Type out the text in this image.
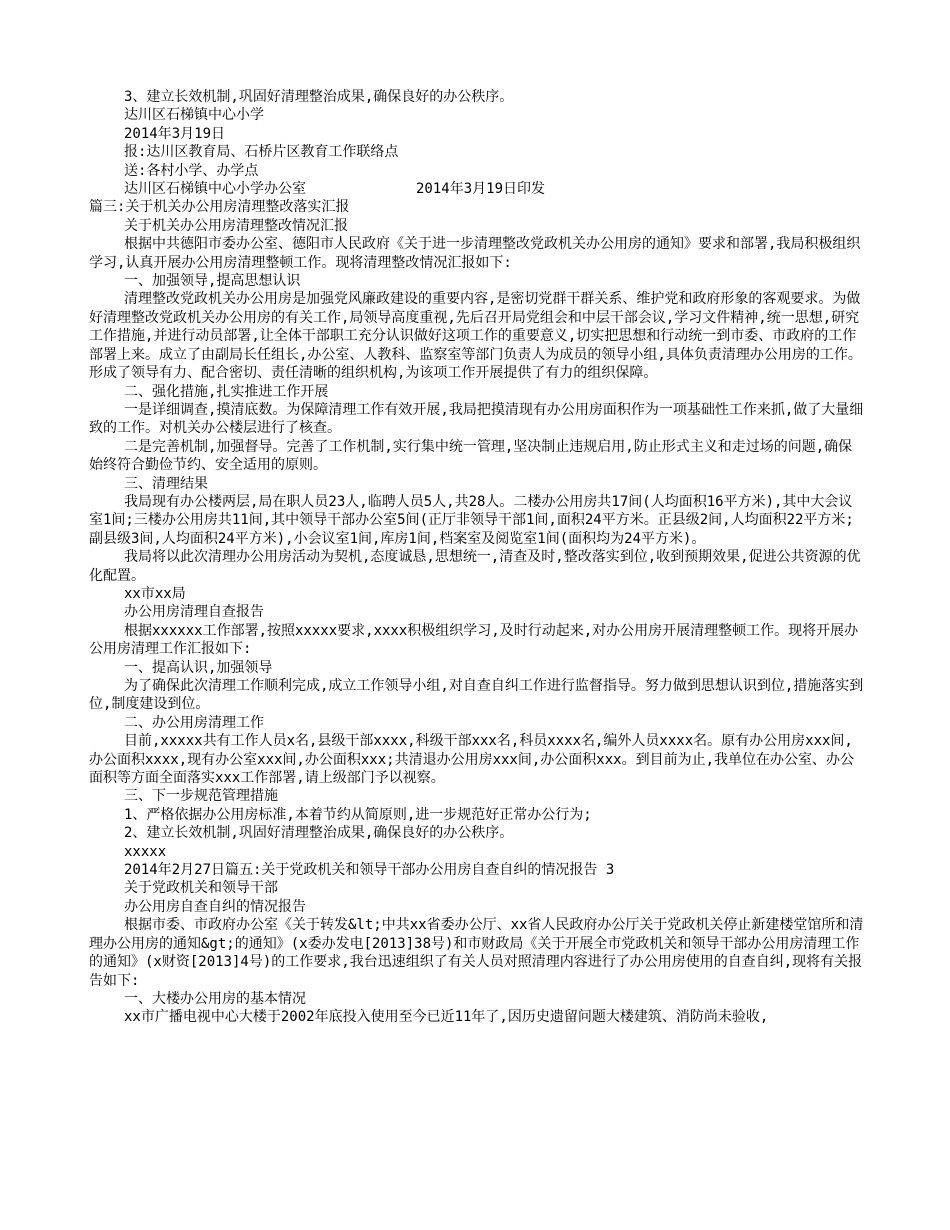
3、建立长效机制,巩固好清理整治成果,确保良好的办公秩序。

达川区石梯镇中心小学

2014年3月19日

报:达川区教育局、石桥片区教育工作联络点

送:各村小学、办学点

达川区石梯镇中心小学办公室	2014年3月19日印发

篇三:关于机关办公用房清理整改落实汇报

关于机关办公用房清理整改情况汇报

根据中共德阳市委办公室、德阳市人民政府《关于进一步清理整改党政机关办公用房的通知》要求和部署,我局积极组织学习,认真开展办公用房清理整顿工作。现将清理整改情况汇报如下:

一、加强领导,提高思想认识

清理整改党政机关办公用房是加强党风廉政建设的重要内容,是密切党群干群关系、维护党和政府形象的客观要求。为做好清理整改党政机关办公用房的有关工作,局领导高度重视,先后召开局党组会和中层干部会议,学习文件精神,统一思想,研究工作措施,并进行动员部署,让全体干部职工充分认识做好这项工作的重要意义,切实把思想和行动统一到市委、市政府的工作部署上来。成立了由副局长任组长,办公室、人教科、监察室等部门负责人为成员的领导小组,具体负责清理办公用房的工作。形成了领导有力、配合密切、责任清晰的组织机构,为该项工作开展提供了有力的组织保障。

二、强化措施,扎实推进工作开展

一是详细调查,摸清底数。为保障清理工作有效开展,我局把摸清现有办公用房面积作为一项基础性工作来抓,做了大量细致的工作。对机关办公楼层进行了核查。

二是完善机制,加强督导。完善了工作机制,实行集中统一管理,坚决制止违规启用,防止形式主义和走过场的问题,确保始终符合勤俭节约、安全适用的原则。

三、清理结果

我局现有办公楼两层,局在职人员23人,临聘人员5人,共28人。二楼办公用房共17间(人均面积16平方米),其中大会议室1间;三楼办公用房共11间,其中领导干部办公室5间(正厅非领导干部1间,面积24平方米。正县级2间,人均面积22平方米;副县级3间,人均面积24平方米),小会议室1间,库房1间,档案室及阅览室1间(面积均为24平方米)。

我局将以此次清理办公用房活动为契机,态度诚恳,思想统一,清查及时,整改落实到位,收到预期效果,促进公共资源的优化配置。

xx市xx局

办公用房清理自查报告

根据xxxxxx工作部署,按照xxxxx要求,xxxx积极组织学习,及时行动起来,对办公用房开展清理整顿工作。现将开展办公用房清理工作汇报如下:

一、提高认识,加强领导

为了确保此次清理工作顺利完成,成立工作领导小组,对自查自纠工作进行监督指导。努力做到思想认识到位,措施落实到位,制度建设到位。

二、办公用房清理工作

目前,xxxxx共有工作人员x名,县级干部xxxx,科级干部xxx名,科员xxxx名,编外人员xxxx名。原有办公用房xxx间,办公面积xxxx,现有办公室xxx间,办公面积xxx;共清退办公用房xxx间,办公面积xxx。到目前为止,我单位在办公室、办公面积等方面全面落实xxx工作部署,请上级部门予以视察。

三、下一步规范管理措施

1、严格依据办公用房标准,本着节约从简原则,进一步规范好正常办公行为;

2、建立长效机制,巩固好清理整治成果,确保良好的办公秩序。

xxxxx

2014年2月27日篇五:关于党政机关和领导干部办公用房自查自纠的情况报告 3

关于党政机关和领导干部

办公用房自查自纠的情况报告

根据市委、市政府办公室《关于转发&lt;中共xx省委办公厅、xx省人民政府办公厅关于党政机关停止新建楼堂馆所和清理办公用房的通知&gt;的通知》(x委办发电[2013]38号)和市财政局《关于开展全市党政机关和领导干部办公用房清理工作的通知》(x财资[2013]4号)的工作要求,我台迅速组织了有关人员对照清理内容进行了办公用房使用的自查自纠,现将有关报告如下:

一、大楼办公用房的基本情况

xx市广播电视中心大楼于2002年底投入使用至今已近11年了,因历史遗留问题大楼建筑、消防尚未验收,
